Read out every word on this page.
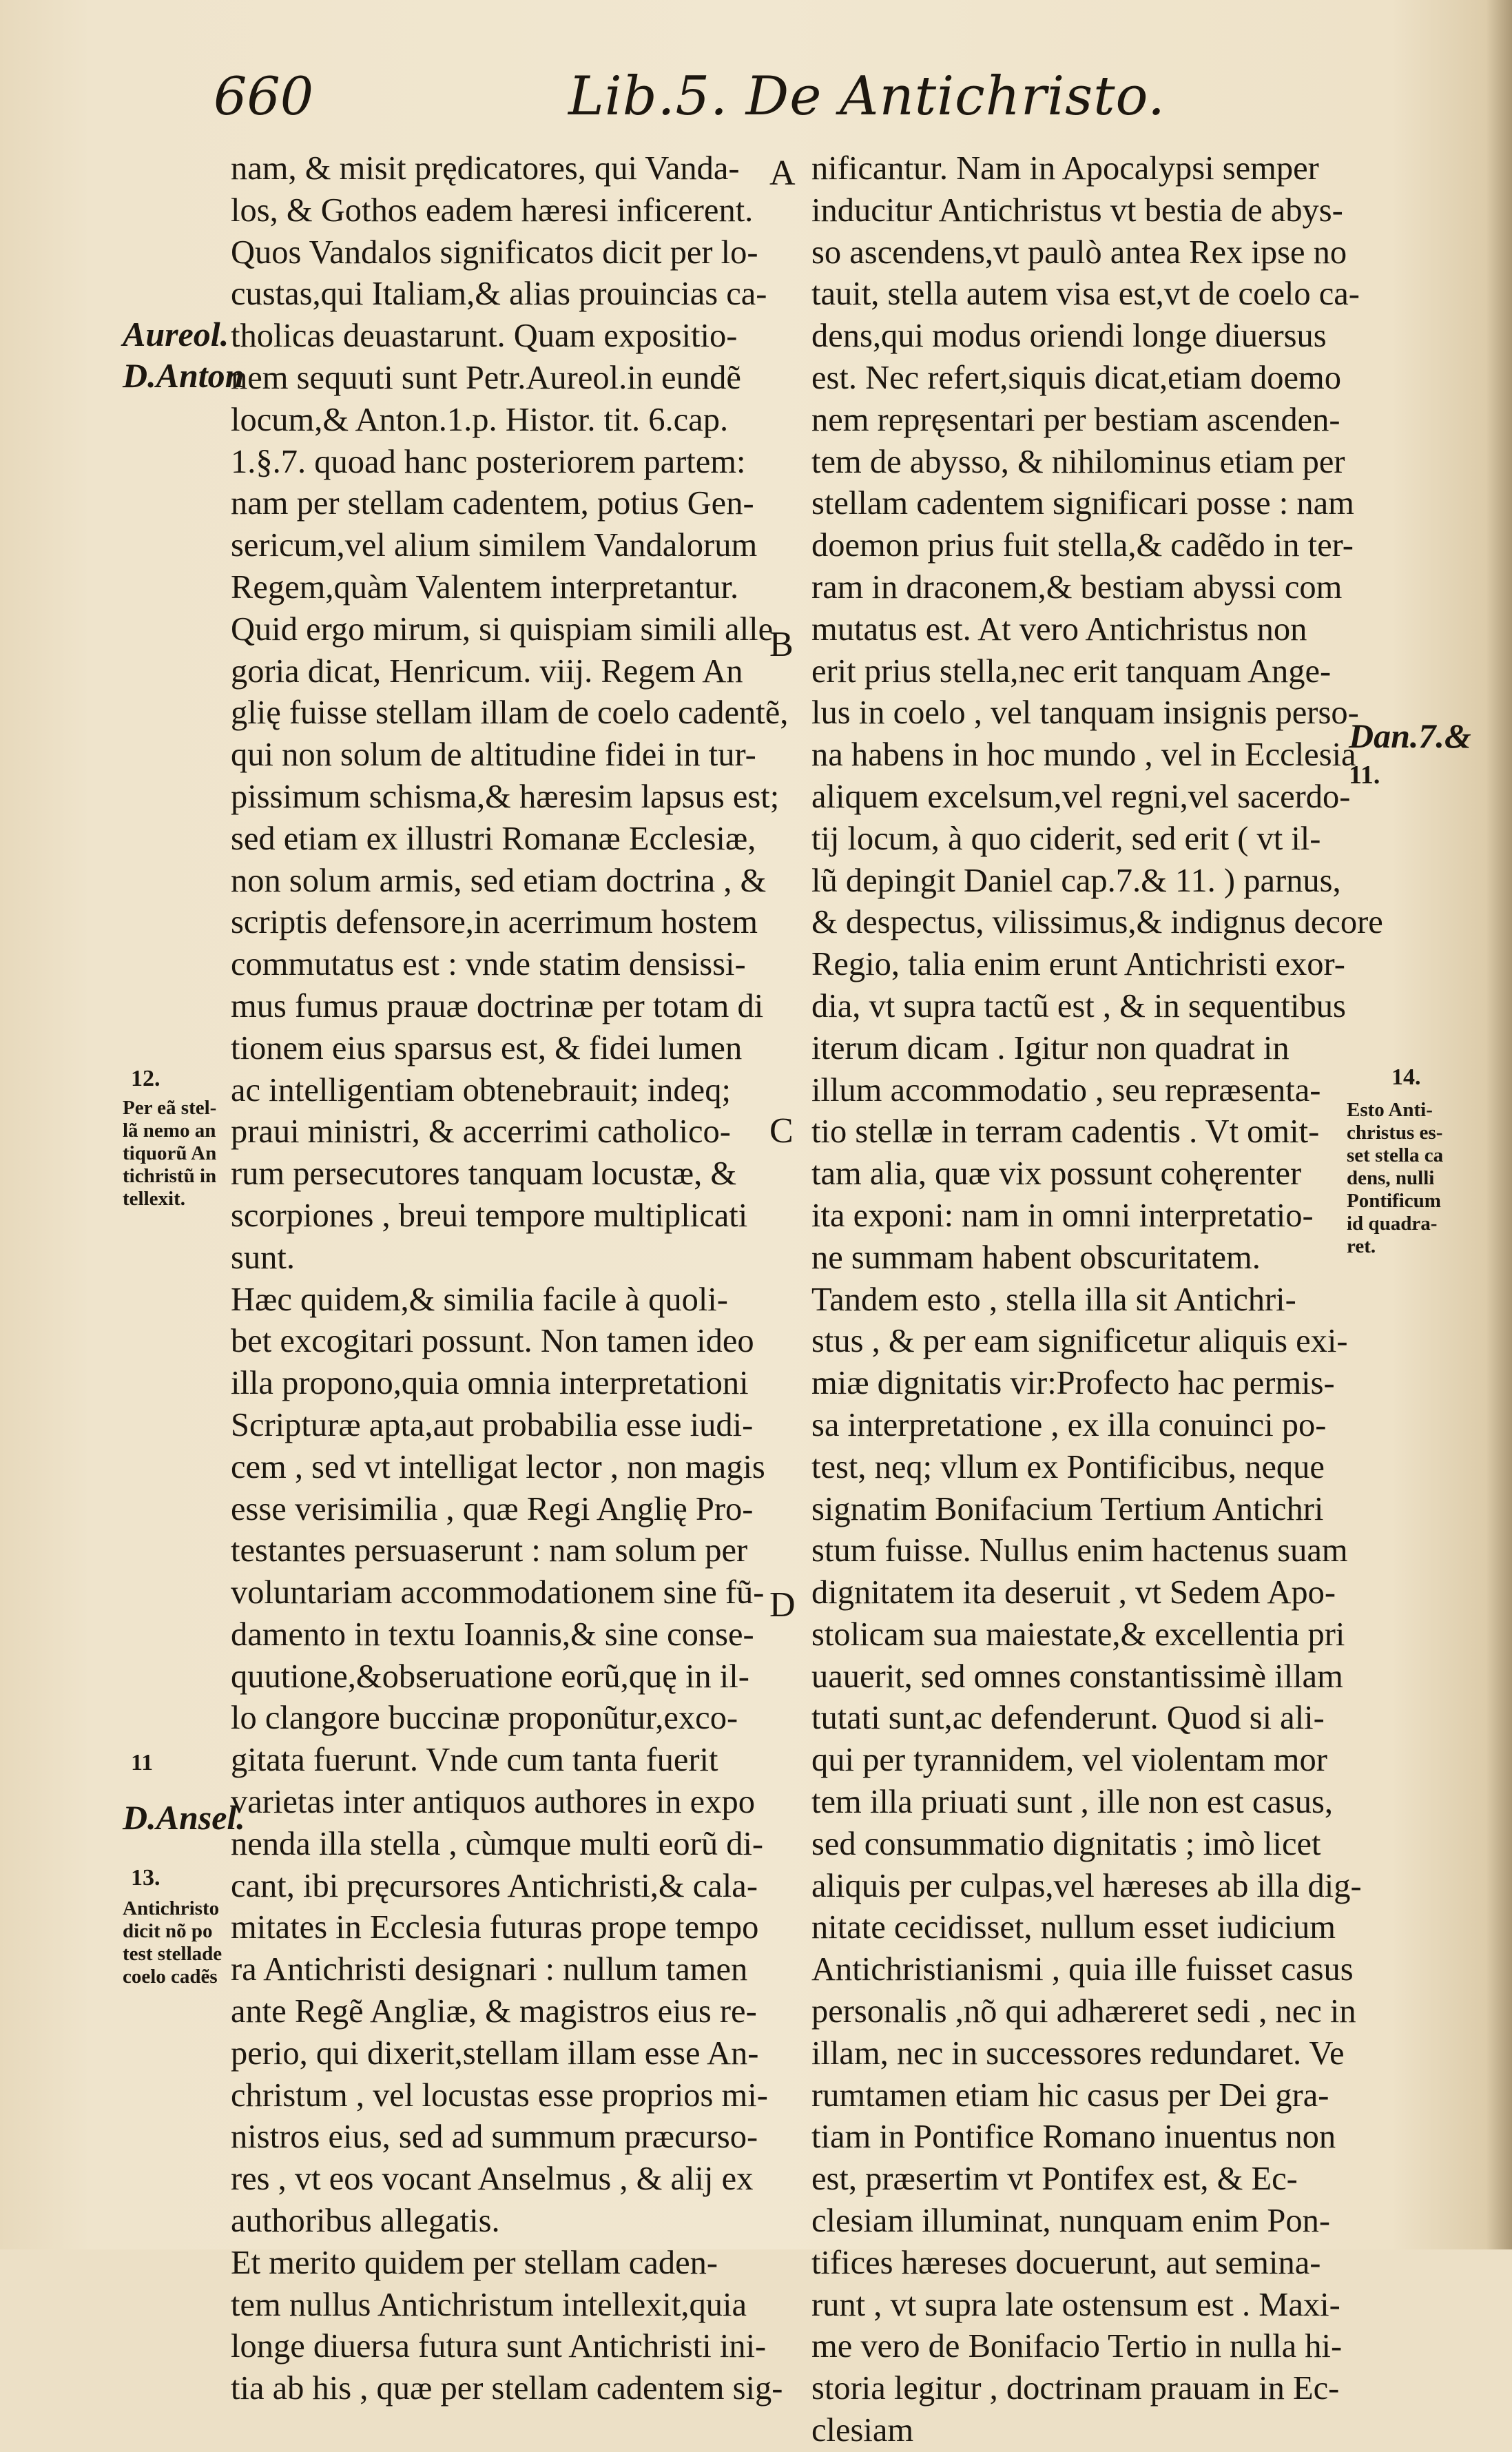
660	Lib.5. De Antichristo.
A
B
C
D
Aureol.
D.Anton
12.
Per eã stel-
lã nemo an
tiquorũ An
tichristũ in
tellexit.
11
D.Ansel.
13.
Antichristo
dicit nõ po
test stellade
coelo cadẽs
Dan.7.&
11.
14.
Esto Anti-
christus es-
set stella ca
dens, nulli
Pontificum
id quadra-
ret.
nam, & misit prędicatores, qui Vanda-
los, & Gothos eadem hæresi inficerent.
Quos Vandalos significatos dicit per lo-
custas,qui Italiam,& alias prouincias ca-
tholicas deuastarunt. Quam expositio-
nem sequuti sunt Petr.Aureol.in eundẽ
locum,& Anton.1.p. Histor. tit. 6.cap.
1.§.7. quoad hanc posteriorem partem:
nam per stellam cadentem, potius Gen-
sericum,vel alium similem Vandalorum
Regem,quàm Valentem interpretantur.
Quid ergo mirum, si quispiam simili alle
goria dicat, Henricum. viij. Regem An
glię fuisse stellam illam de coelo cadentẽ,
qui non solum de altitudine fidei in tur-
pissimum schisma,& hæresim lapsus est;
sed etiam ex illustri Romanæ Ecclesiæ,
non solum armis, sed etiam doctrina , &
scriptis defensore,in acerrimum hostem
commutatus est : vnde statim densissi-
mus fumus prauæ doctrinæ per totam di
tionem eius sparsus est, & fidei lumen
ac intelligentiam obtenebrauit; indeq;
praui ministri, & accerrimi catholico-
rum persecutores tanquam locustæ, &
scorpiones , breui tempore multiplicati
sunt.
Hæc quidem,& similia facile à quoli-
bet excogitari possunt. Non tamen ideo
illa propono,quia omnia interpretationi
Scripturæ apta,aut probabilia esse iudi-
cem , sed vt intelligat lector , non magis
esse verisimilia , quæ Regi Anglię Pro-
testantes persuaserunt : nam solum per
voluntariam accommodationem sine fũ-
damento in textu Ioannis,& sine conse-
quutione,&obseruatione eorũ,quę in il-
lo clangore buccinæ proponũtur,exco-
gitata fuerunt. Vnde cum tanta fuerit
varietas inter antiquos authores in expo
nenda illa stella , cùmque multi eorũ di-
cant, ibi pręcursores Antichristi,& cala-
mitates in Ecclesia futuras prope tempo
ra Antichristi designari : nullum tamen
ante Regẽ Angliæ, & magistros eius re-
perio, qui dixerit,stellam illam esse An-
christum , vel locustas esse proprios mi-
nistros eius, sed ad summum præcurso-
res , vt eos vocant Anselmus , & alij ex
authoribus allegatis.
Et merito quidem per stellam caden-
tem nullus Antichristum intellexit,quia
longe diuersa futura sunt Antichristi ini-
tia ab his , quæ per stellam cadentem sig-
nificantur. Nam in Apocalypsi semper
inducitur Antichristus vt bestia de abys-
so ascendens,vt paulò antea Rex ipse no
tauit, stella autem visa est,vt de coelo ca-
dens,qui modus oriendi longe diuersus
est. Nec refert,siquis dicat,etiam doemo
nem repręsentari per bestiam ascenden-
tem de abysso, & nihilominus etiam per
stellam cadentem significari posse : nam
doemon prius fuit stella,& cadẽdo in ter-
ram in draconem,& bestiam abyssi com
mutatus est. At vero Antichristus non
erit prius stella,nec erit tanquam Ange-
lus in coelo , vel tanquam insignis perso-
na habens in hoc mundo , vel in Ecclesia
aliquem excelsum,vel regni,vel sacerdo-
tij locum, à quo ciderit, sed erit ( vt il-
lũ depingit Daniel cap.7.& 11. ) parnus,
& despectus, vilissimus,& indignus decore
Regio, talia enim erunt Antichristi exor-
dia, vt supra tactũ est , & in sequentibus
iterum dicam . Igitur non quadrat in
illum accommodatio , seu repræsenta-
tio stellæ in terram cadentis . Vt omit-
tam alia, quæ vix possunt cohęrenter
ita exponi: nam in omni interpretatio-
ne summam habent obscuritatem.
Tandem esto , stella illa sit Antichri-
stus , & per eam significetur aliquis exi-
miæ dignitatis vir:Profecto hac permis-
sa interpretatione , ex illa conuinci po-
test, neq; vllum ex Pontificibus, neque
signatim Bonifacium Tertium Antichri
stum fuisse. Nullus enim hactenus suam
dignitatem ita deseruit , vt Sedem Apo-
stolicam sua maiestate,& excellentia pri
uauerit, sed omnes constantissimè illam
tutati sunt,ac defenderunt. Quod si ali-
qui per tyrannidem, vel violentam mor
tem illa priuati sunt , ille non est casus,
sed consummatio dignitatis ; imò licet
aliquis per culpas,vel hæreses ab illa dig-
nitate cecidisset, nullum esset iudicium
Antichristianismi , quia ille fuisset casus
personalis ,nõ qui adhæreret sedi , nec in
illam, nec in successores redundaret. Ve
rumtamen etiam hic casus per Dei gra-
tiam in Pontifice Romano inuentus non
est, præsertim vt Pontifex est, & Ec-
clesiam illuminat, nunquam enim Pon-
tifices hæreses docuerunt, aut semina-
runt , vt supra late ostensum est . Maxi-
me vero de Bonifacio Tertio in nulla hi-
storia legitur , doctrinam prauam in Ec-
clesiam
